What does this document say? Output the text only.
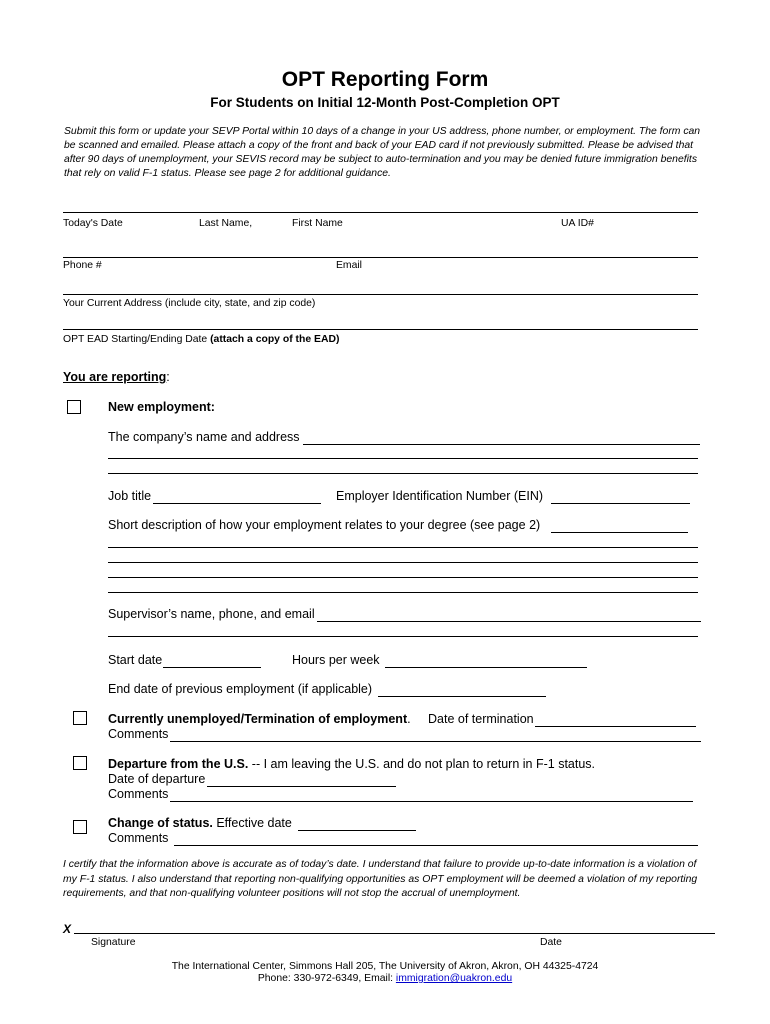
OPT Reporting Form
For Students on Initial 12-Month Post-Completion OPT
Submit this form or update your SEVP Portal within 10 days of a change in your US address, phone number, or employment. The form can be scanned and emailed. Please attach a copy of the front and back of your EAD card if not previously submitted. Please be advised that after 90 days of unemployment, your SEVIS record may be subject to auto-termination and you may be denied future immigration benefits that rely on valid F-1 status. Please see page 2 for additional guidance.
Today's Date	Last Name,	First Name	UA ID#
Phone #	Email
Your Current Address (include city, state, and zip code)
OPT EAD Starting/Ending Date (attach a copy of the EAD)
You are reporting:
New employment:
The company’s name and address
Job title	Employer Identification Number (EIN)
Short description of how your employment relates to your degree (see page 2)
Supervisor’s name, phone, and email
Start date	Hours per week
End date of previous employment (if applicable)
Currently unemployed/Termination of employment. Date of termination
Comments
Departure from the U.S. -- I am leaving the U.S. and do not plan to return in F-1 status.
Date of departure
Comments
Change of status. Effective date
Comments
I certify that the information above is accurate as of today’s date. I understand that failure to provide up-to-date information is a violation of my F-1 status. I also understand that reporting non-qualifying opportunities as OPT employment will be deemed a violation of my reporting requirements, and that non-qualifying volunteer positions will not stop the accrual of unemployment.
X
Signature	Date
The International Center, Simmons Hall 205, The University of Akron, Akron, OH 44325-4724
Phone: 330-972-6349, Email: immigration@uakron.edu
